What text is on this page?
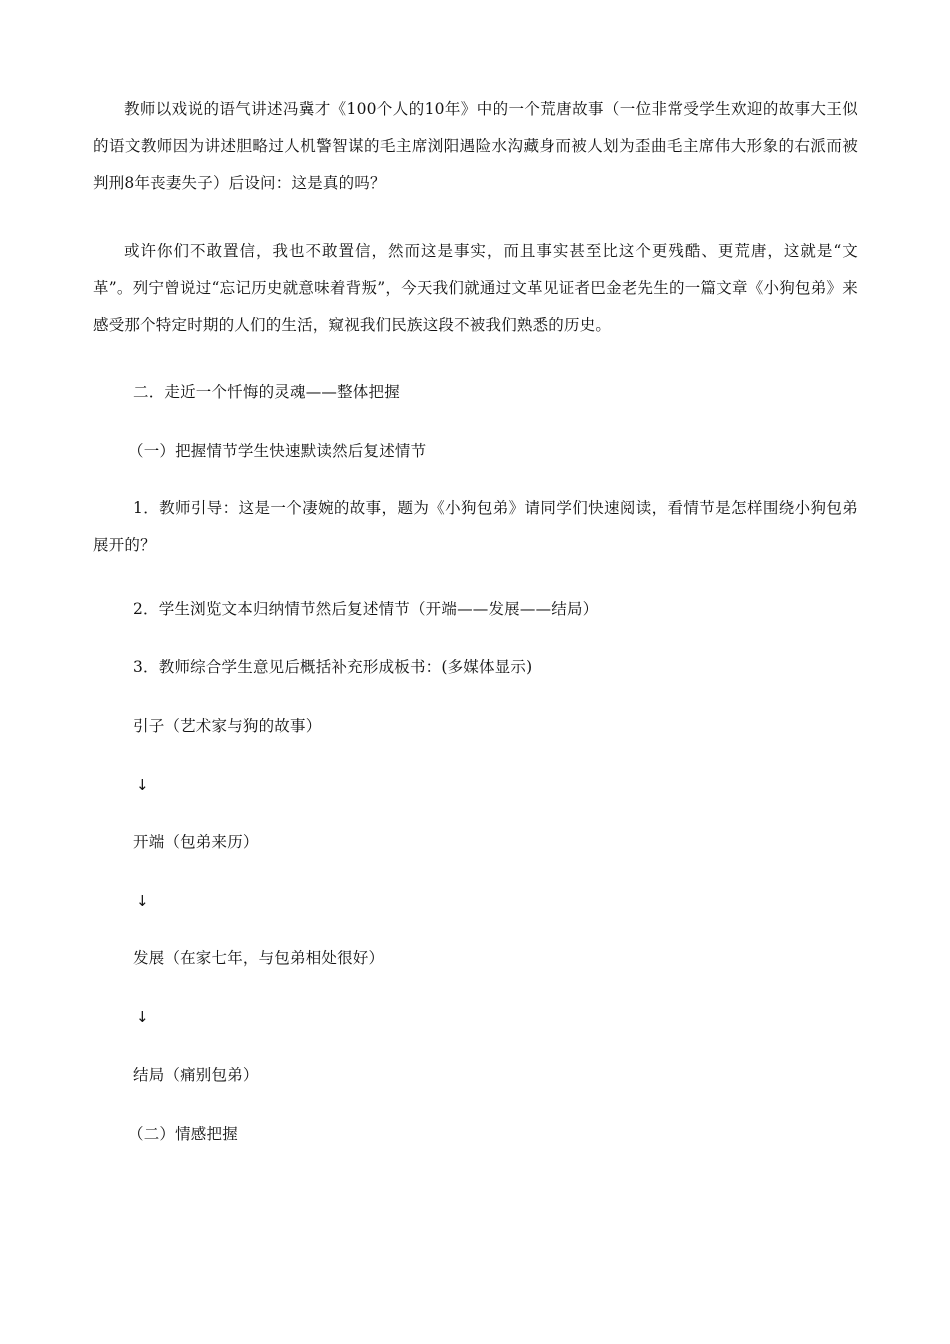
教师以戏说的语气讲述冯冀才《100个人的10年》中的一个荒唐故事（一位非常受学生欢迎的故事大王似的语文教师因为讲述胆略过人机警智谋的毛主席浏阳遇险水沟藏身而被人划为歪曲毛主席伟大形象的右派而被判刑8年丧妻失子）后设问：这是真的吗？

或许你们不敢置信，我也不敢置信，然而这是事实，而且事实甚至比这个更残酷、更荒唐，这就是“文革”。列宁曾说过“忘记历史就意味着背叛”，今天我们就通过文革见证者巴金老先生的一篇文章《小狗包弟》来感受那个特定时期的人们的生活，窥视我们民族这段不被我们熟悉的历史。

二．走近一个忏悔的灵魂——整体把握

（一）把握情节学生快速默读然后复述情节

1．教师引导：这是一个凄婉的故事，题为《小狗包弟》请同学们快速阅读，看情节是怎样围绕小狗包弟展开的？

2．学生浏览文本归纳情节然后复述情节（开端——发展——结局）

3．教师综合学生意见后概括补充形成板书：(多媒体显示)

引子（艺术家与狗的故事）

↓

开端（包弟来历）

↓

发展（在家七年，与包弟相处很好）

↓

结局（痛别包弟）

（二）情感把握
